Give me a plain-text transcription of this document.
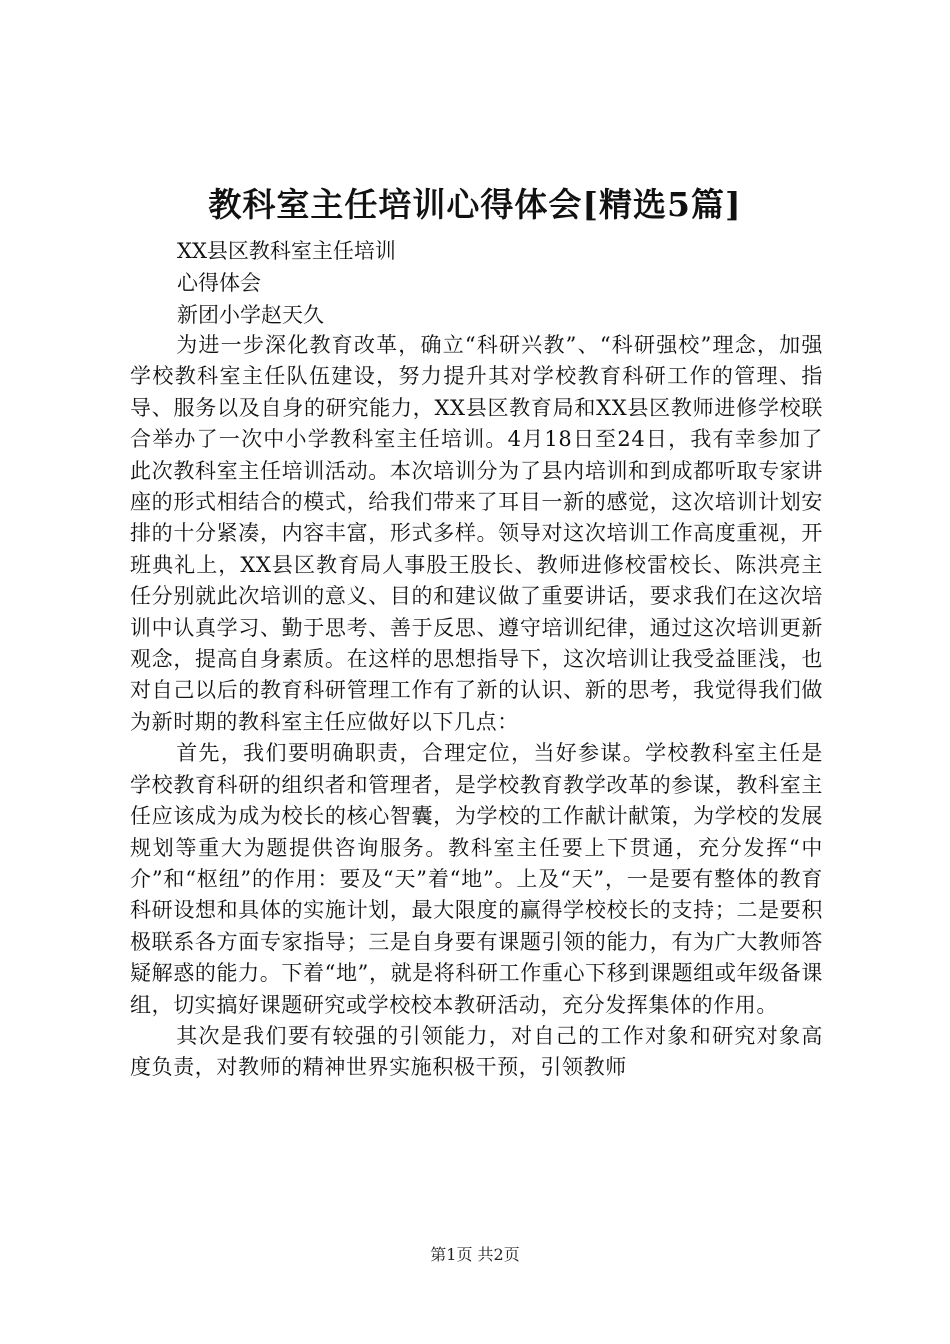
教科室主任培训心得体会[精选5篇]
XX县区教科室主任培训
心得体会
新团小学赵天久

为进一步深化教育改革，确立“科研兴教”、“科研强校”理念，加强学校教科室主任队伍建设，努力提升其对学校教育科研工作的管理、指导、服务以及自身的研究能力，XX县区教育局和XX县区教师进修学校联合举办了一次中小学教科室主任培训。4月18日至24日，我有幸参加了此次教科室主任培训活动。本次培训分为了县内培训和到成都听取专家讲座的形式相结合的模式，给我们带来了耳目一新的感觉，这次培训计划安排的十分紧凑，内容丰富，形式多样。领导对这次培训工作高度重视，开班典礼上，XX县区教育局人事股王股长、教师进修校雷校长、陈洪亮主任分别就此次培训的意义、目的和建议做了重要讲话，要求我们在这次培训中认真学习、勤于思考、善于反思、遵守培训纪律，通过这次培训更新观念，提高自身素质。在这样的思想指导下，这次培训让我受益匪浅，也对自己以后的教育科研管理工作有了新的认识、新的思考，我觉得我们做为新时期的教科室主任应做好以下几点：

首先，我们要明确职责，合理定位，当好参谋。学校教科室主任是学校教育科研的组织者和管理者，是学校教育教学改革的参谋，教科室主任应该成为成为校长的核心智囊，为学校的工作献计献策，为学校的发展规划等重大为题提供咨询服务。教科室主任要上下贯通，充分发挥“中介”和“枢纽”的作用：要及“天”着“地”。上及“天”，一是要有整体的教育科研设想和具体的实施计划，最大限度的赢得学校校长的支持；二是要积极联系各方面专家指导；三是自身要有课题引领的能力，有为广大教师答疑解惑的能力。下着“地”，就是将科研工作重心下移到课题组或年级备课组，切实搞好课题研究或学校校本教研活动，充分发挥集体的作用。

其次是我们要有较强的引领能力，对自己的工作对象和研究对象高度负责，对教师的精神世界实施积极干预，引领教师

第1页 共2页
